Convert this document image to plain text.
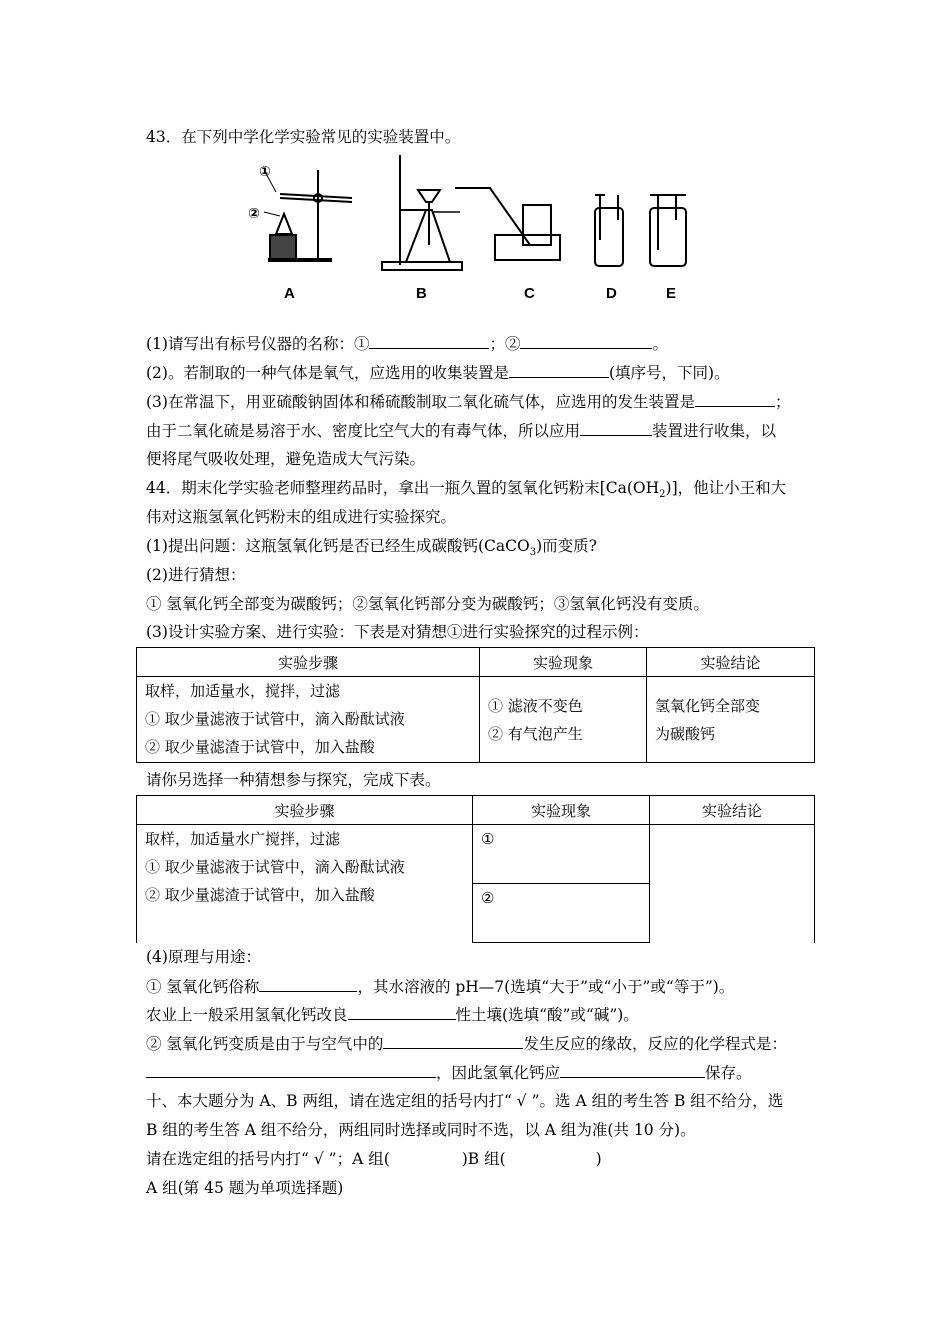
43．在下列中学化学实验常见的实验装置中。
①
②
A	B	C	D	E
(1)请写出有标号仪器的名称：①	；②	。
(2)。若制取的一种气体是氧气，应选用的收集装置是	(填序号，下同)。
(3)在常温下，用亚硫酸钠固体和稀硫酸制取二氧化硫气体，应选用的发生装置是	；
由于二氧化硫是易溶于水、密度比空气大的有毒气体，所以应用	装置进行收集，以
便将尾气吸收处理，避免造成大气污染。
44．期末化学实验老师整理药品时，拿出一瓶久置的氢氧化钙粉末$[Ca(OH_2)]$，他让小王和大
伟对这瓶氢氧化钙粉末的组成进行实验探究。
(1)提出问题：这瓶氢氧化钙是否已经生成碳酸钙(CaCO$_3$)而变质?
(2)进行猜想：
① 氢氧化钙全部变为碳酸钙；②氢氧化钙部分变为碳酸钙；③氢氧化钙没有变质。
(3)设计实验方案、进行实验：下表是对猜想①进行实验探究的过程示例：
实验步骤	实验现象	实验结论

取样，加适量水，搅拌，过滤
① 取少量滤液于试管中，滴入酚酞试液
② 取少量滤渣于试管中，加入盐酸	① 滤液不变色
② 有气泡产生	氢氧化钙全部变
为碳酸钙
请你另选择一种猜想参与探究，完成下表。
实验步骤	实验现象	实验结论

取样，加适量水广搅拌，过滤
① 取少量滤液于试管中，滴入酚酞试液
② 取少量滤渣于试管中，加入盐酸	①	

	②	
(4)原理与用途：
① 氢氧化钙俗称	，其水溶液的 pH—7(选填“大于”或“小于”或“等于”)。
农业上一般采用氢氧化钙改良	性土壤(选填“酸”或“碱”)。
② 氢氧化钙变质是由于与空气中的	发生反应的缘故，反应的化学程式是：
，因此氢氧化钙应	保存。
十、本大题分为 A、B 两组，请在选定组的括号内打“ √ ”。选 A 组的考生答 B 组不给分，选
B 组的考生答 A 组不给分，两组同时选择或同时不选，以 A 组为准(共 10 分)。
请在选定组的括号内打“ √ ”；A 组(	)B 组(	)
A 组(第 45 题为单项选择题)
